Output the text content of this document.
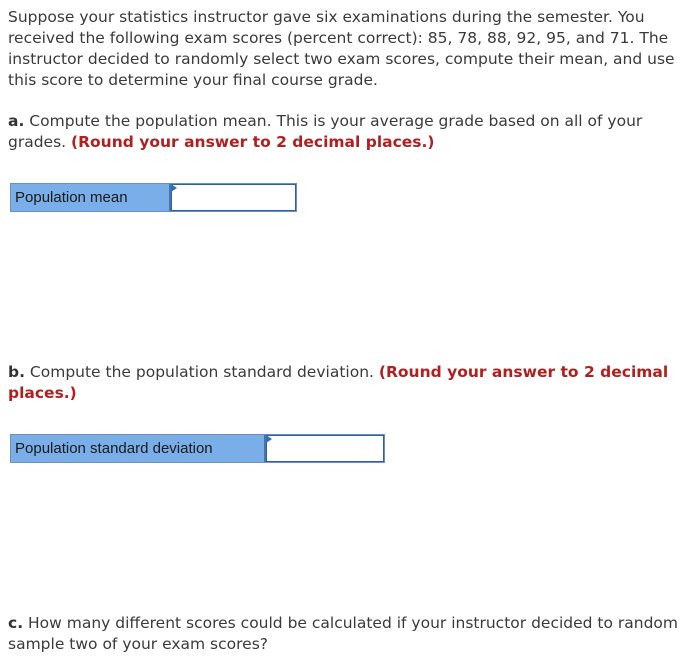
Suppose your statistics instructor gave six examinations during the semester. You received the following exam scores (percent correct): 85, 78, 88, 92, 95, and 71. The instructor decided to randomly select two exam scores, compute their mean, and use this score to determine your final course grade.

a. Compute the population mean. This is your average grade based on all of your grades. (Round your answer to 2 decimal places.)

Population mean

b. Compute the population standard deviation. (Round your answer to 2 decimal places.)

Population standard deviation

c. How many different scores could be calculated if your instructor decided to random sample two of your exam scores?
